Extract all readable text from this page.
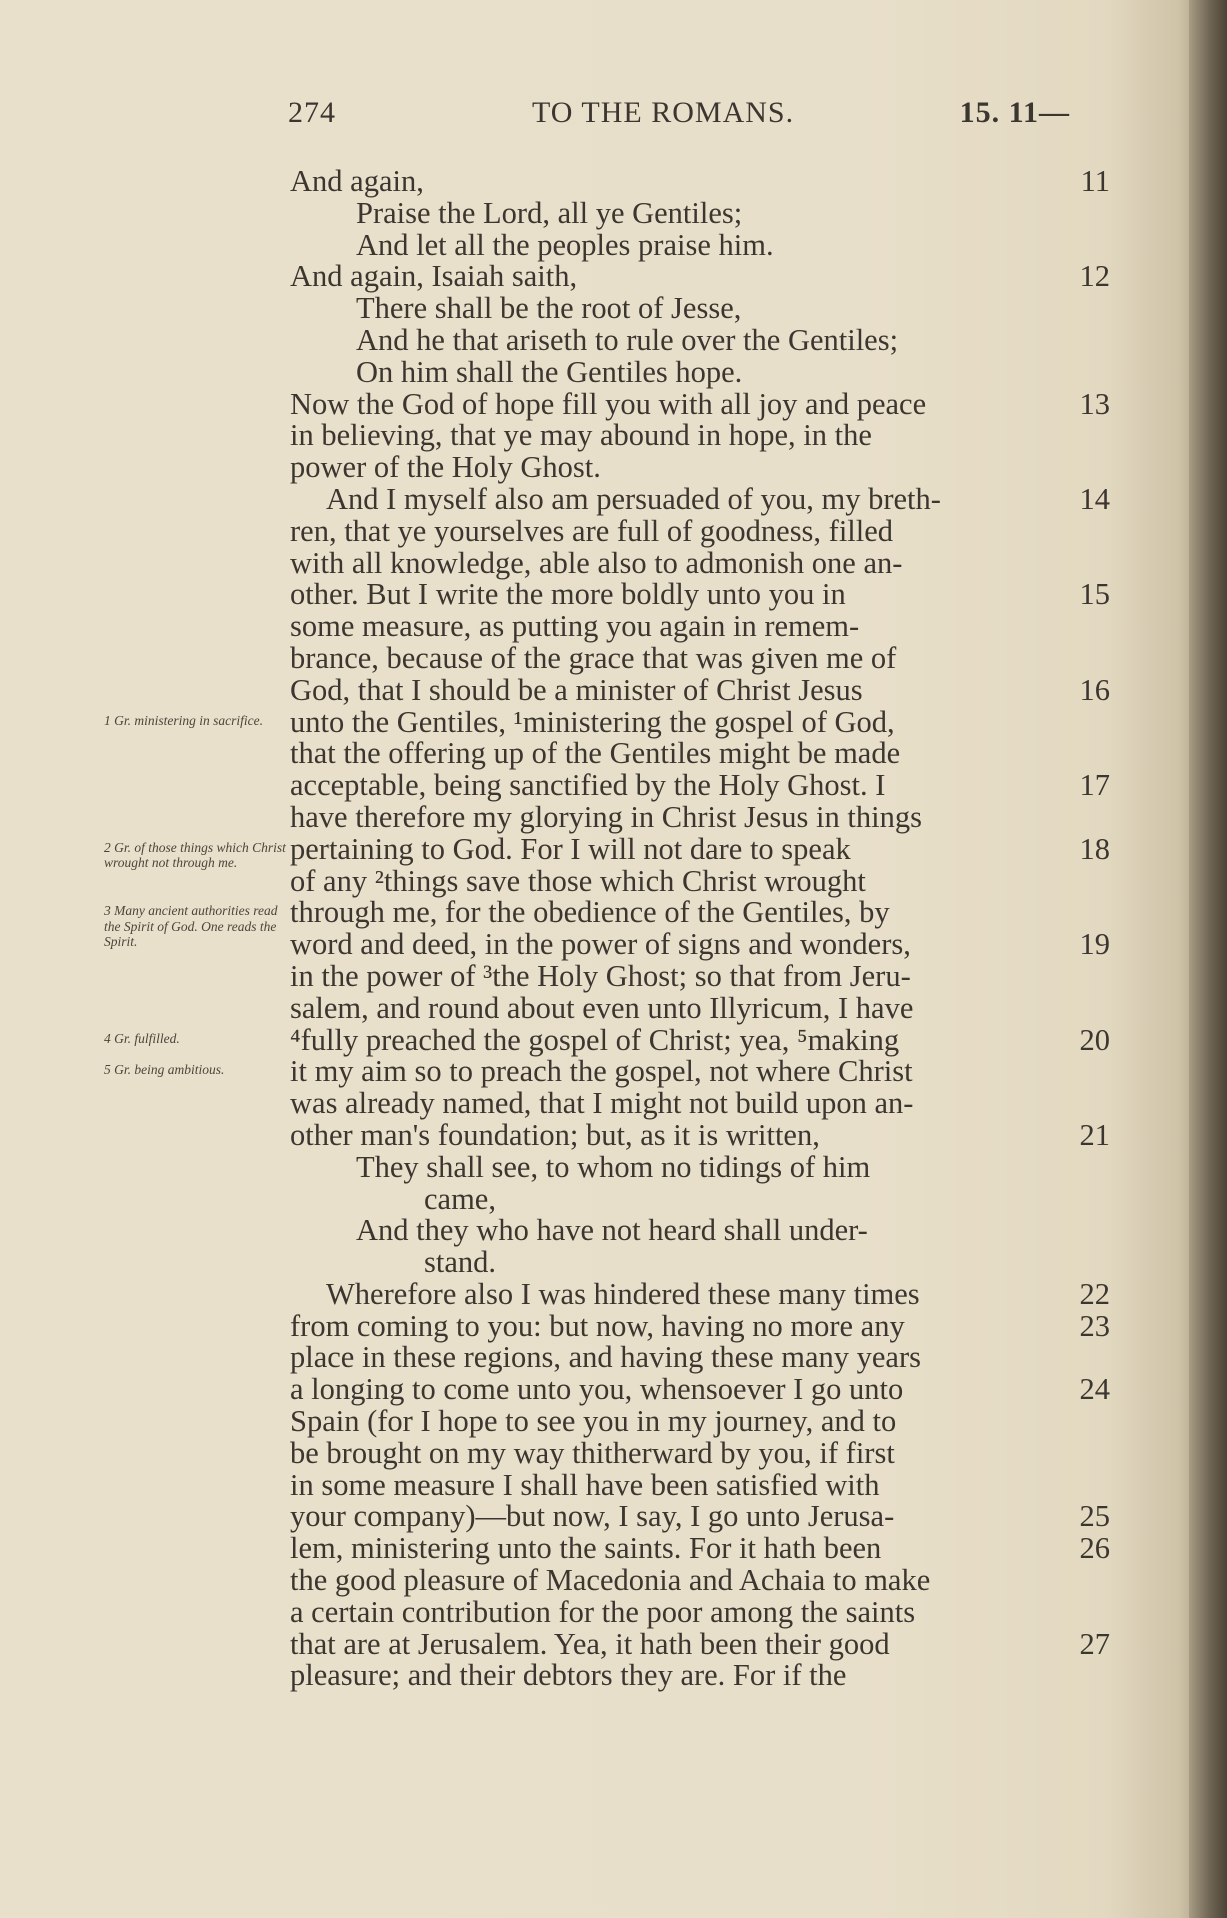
274	TO THE ROMANS.	15. 11—
And again,	11
Praise the Lord, all ye Gentiles;
And let all the peoples praise him.
And again, Isaiah saith,	12
There shall be the root of Jesse,
And he that ariseth to rule over the Gentiles;
On him shall the Gentiles hope.
Now the God of hope fill you with all joy and peace	13
in believing, that ye may abound in hope, in the
power of the Holy Ghost.
And I myself also am persuaded of you, my breth-	14
ren, that ye yourselves are full of goodness, filled
with all knowledge, able also to admonish one an-
other. But I write the more boldly unto you in	15
some measure, as putting you again in remem-
brance, because of the grace that was given me of
God, that I should be a minister of Christ Jesus	16
unto the Gentiles, ¹ministering the gospel of God,
that the offering up of the Gentiles might be made
acceptable, being sanctified by the Holy Ghost. I	17
have therefore my glorying in Christ Jesus in things
pertaining to God. For I will not dare to speak	18
of any ²things save those which Christ wrought
through me, for the obedience of the Gentiles, by
word and deed, in the power of signs and wonders,	19
in the power of ³the Holy Ghost; so that from Jeru-
salem, and round about even unto Illyricum, I have
⁴fully preached the gospel of Christ; yea, ⁵making	20
it my aim so to preach the gospel, not where Christ
was already named, that I might not build upon an-
other man's foundation; but, as it is written,	21
They shall see, to whom no tidings of him
came,
And they who have not heard shall under-
stand.
Wherefore also I was hindered these many times	22
from coming to you: but now, having no more any	23
place in these regions, and having these many years
a longing to come unto you, whensoever I go unto	24
Spain (for I hope to see you in my journey, and to
be brought on my way thitherward by you, if first
in some measure I shall have been satisfied with
your company)—but now, I say, I go unto Jerusa-	25
lem, ministering unto the saints. For it hath been	26
the good pleasure of Macedonia and Achaia to make
a certain contribution for the poor among the saints
that are at Jerusalem. Yea, it hath been their good	27
pleasure; and their debtors they are. For if the
1 Gr. ministering in sacrifice.
2 Gr. of those things which Christ wrought not through me.
3 Many ancient authorities read the Spirit of God. One reads the Spirit.
4 Gr. fulfilled.
5 Gr. being ambitious.
